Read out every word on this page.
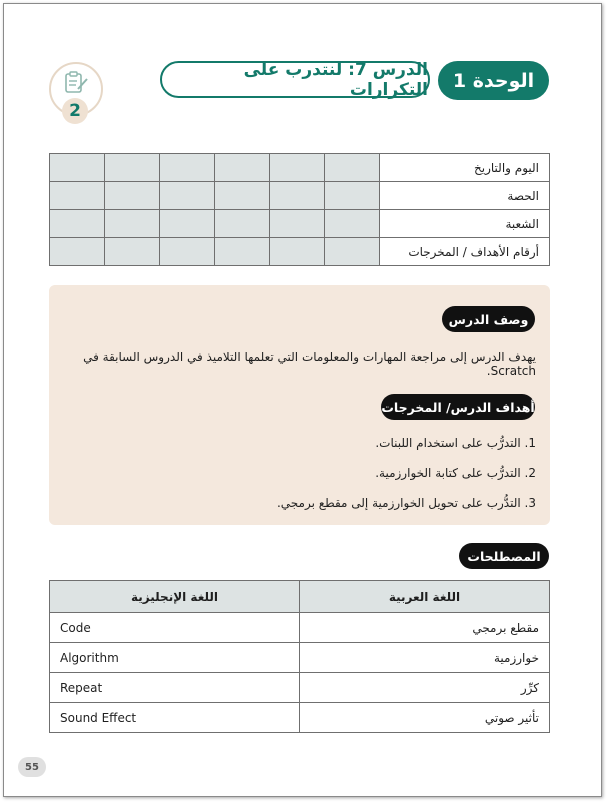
الوحدة 1
الدرس 7: لنتدرب على التكرارات
2
						اليوم والتاريخ
						الحصة
						الشعبة
						أرقام الأهداف / المخرجات
وصف الدرس
يهدف الدرس إلى مراجعة المهارات والمعلومات التي تعلمها التلاميذ في الدروس السابقة في Scratch.
أهداف الدرس/ المخرجات
1. التدرُّب على استخدام اللبنات.
2. التدرُّب على كتابة الخوارزمية.
3. التدُّرب على تحويل الخوارزمية إلى مقطع برمجي.
المصطلحات
اللغة الإنجليزية	اللغة العربية
Code	مقطع برمجي
Algorithm	خوارزمية
Repeat	كرِّر
Sound Effect	تأثير صوتي
55
